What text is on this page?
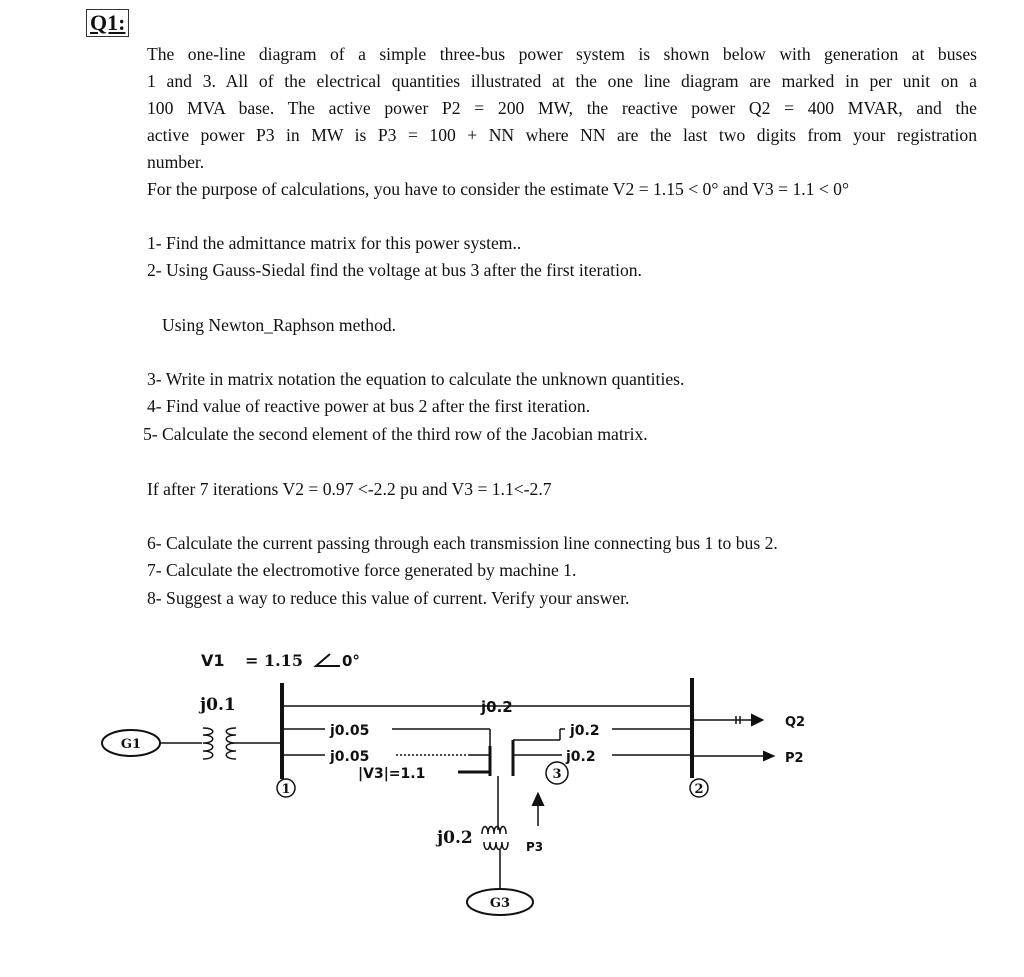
Q1:
The one-line diagram of a simple three-bus power system is shown below with generation at buses
1 and 3. All of the electrical quantities illustrated at the one line diagram are marked in per unit on a
100 MVA base. The active power P2 = 200 MW, the reactive power Q2 = 400 MVAR, and the
active power P3 in MW is P3 = 100 + NN where NN are the last two digits from your registration
number.
For the purpose of calculations, you have to consider the estimate V2 = 1.15 < 0° and V3 = 1.1 < 0°
1- Find the admittance matrix for this power system..
2- Using Gauss-Siedal find the voltage at bus 3 after the first iteration.
Using Newton_Raphson method.
3- Write in matrix notation the equation to calculate the unknown quantities.
4- Find value of reactive power at bus 2 after the first iteration.
5- Calculate the second element of the third row of the Jacobian matrix.
If after 7 iterations V2 = 0.97 <-2.2 pu and V3 = 1.1<-2.7
6- Calculate the current passing through each transmission line connecting bus 1 to bus 2.
7- Calculate the electromotive force generated by machine 1.
8- Suggest a way to reduce this value of current. Verify your answer.
V1 = 1.15	0°
j0.1
G1
j0.2
j0.05
j0.05
j0.2
j0.2
|V3|=1.1
Q2
P2
1	2
3
j0.2	P3
G3
